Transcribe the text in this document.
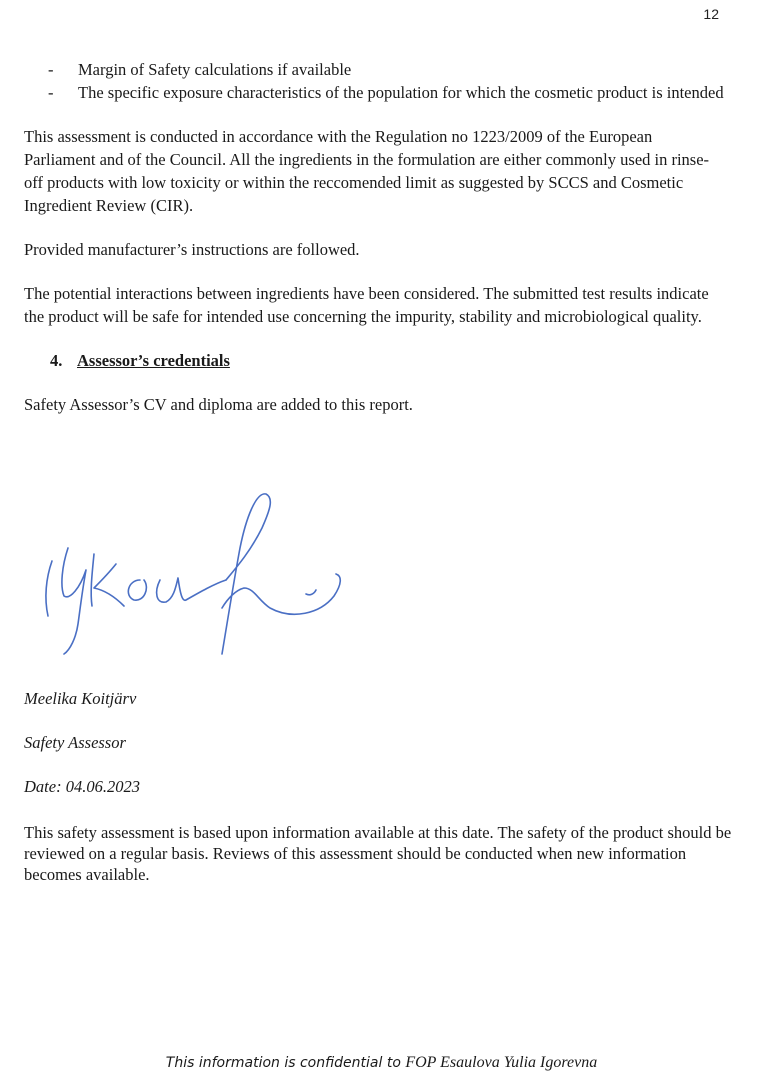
12
- Margin of Safety calculations if available
- The specific exposure characteristics of the population for which the cosmetic product is intended

This assessment is conducted in accordance with the Regulation no 1223/2009 of the European Parliament and of the Council. All the ingredients in the formulation are either commonly used in rinse-off products with low toxicity or within the reccomended limit as suggested by SCCS and Cosmetic Ingredient Review (CIR).

Provided manufacturer’s instructions are followed.

The potential interactions between ingredients have been considered. The submitted test results indicate the product will be safe for intended use concerning the impurity, stability and microbiological quality.

4. Assessor’s credentials

Safety Assessor’s CV and diploma are added to this report.

Meelika Koitjärv
Safety Assessor
Date: 04.06.2023

This safety assessment is based upon information available at this date. The safety of the product should be reviewed on a regular basis. Reviews of this assessment should be conducted when new information becomes available.

This information is confidential to FOP Esaulova Yulia Igorevna
